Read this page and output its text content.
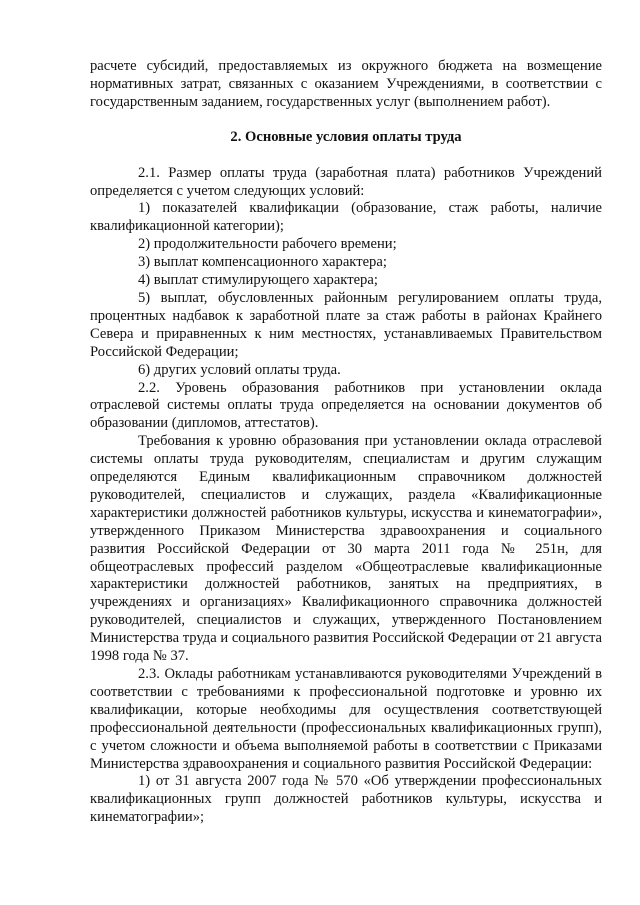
расчете субсидий, предоставляемых из окружного бюджета на возмещение нормативных затрат, связанных с оказанием Учреждениями, в соответствии с государственным заданием, государственных услуг (выполнением работ).

2. Основные условия оплаты труда

2.1. Размер оплаты труда (заработная плата) работников Учреждений определяется с учетом следующих условий:

1) показателей квалификации (образование, стаж работы, наличие квалификационной категории);

2) продолжительности рабочего времени;

3) выплат компенсационного характера;

4) выплат стимулирующего характера;

5) выплат, обусловленных районным регулированием оплаты труда, процентных надбавок к заработной плате за стаж работы в районах Крайнего Севера и приравненных к ним местностях, устанавливаемых Правительством Российской Федерации;

6) других условий оплаты труда.

2.2. Уровень образования работников при установлении оклада отраслевой системы оплаты труда определяется на основании документов об образовании (дипломов, аттестатов).

Требования к уровню образования при установлении оклада отраслевой системы оплаты труда руководителям, специалистам и другим служащим определяются Единым квалификационным справочником должностей руководителей, специалистов и служащих, раздела «Квалификационные характеристики должностей работников культуры, искусства и кинематографии», утвержденного Приказом Министерства здравоохранения и социального развития Российской Федерации от 30 марта 2011 года № 251н, для общеотраслевых профессий разделом «Общеотраслевые квалификационные характеристики должностей работников, занятых на предприятиях, в учреждениях и организациях» Квалификационного справочника должностей руководителей, специалистов и служащих, утвержденного Постановлением Министерства труда и социального развития Российской Федерации от 21 августа 1998 года № 37.

2.3. Оклады работникам устанавливаются руководителями Учреждений в соответствии с требованиями к профессиональной подготовке и уровню их квалификации, которые необходимы для осуществления соответствующей профессиональной деятельности (профессиональных квалификационных групп), с учетом сложности и объема выполняемой работы в соответствии с Приказами Министерства здравоохранения и социального развития Российской Федерации:

1) от 31 августа 2007 года № 570 «Об утверждении профессиональных квалификационных групп должностей работников культуры, искусства и кинематографии»;
